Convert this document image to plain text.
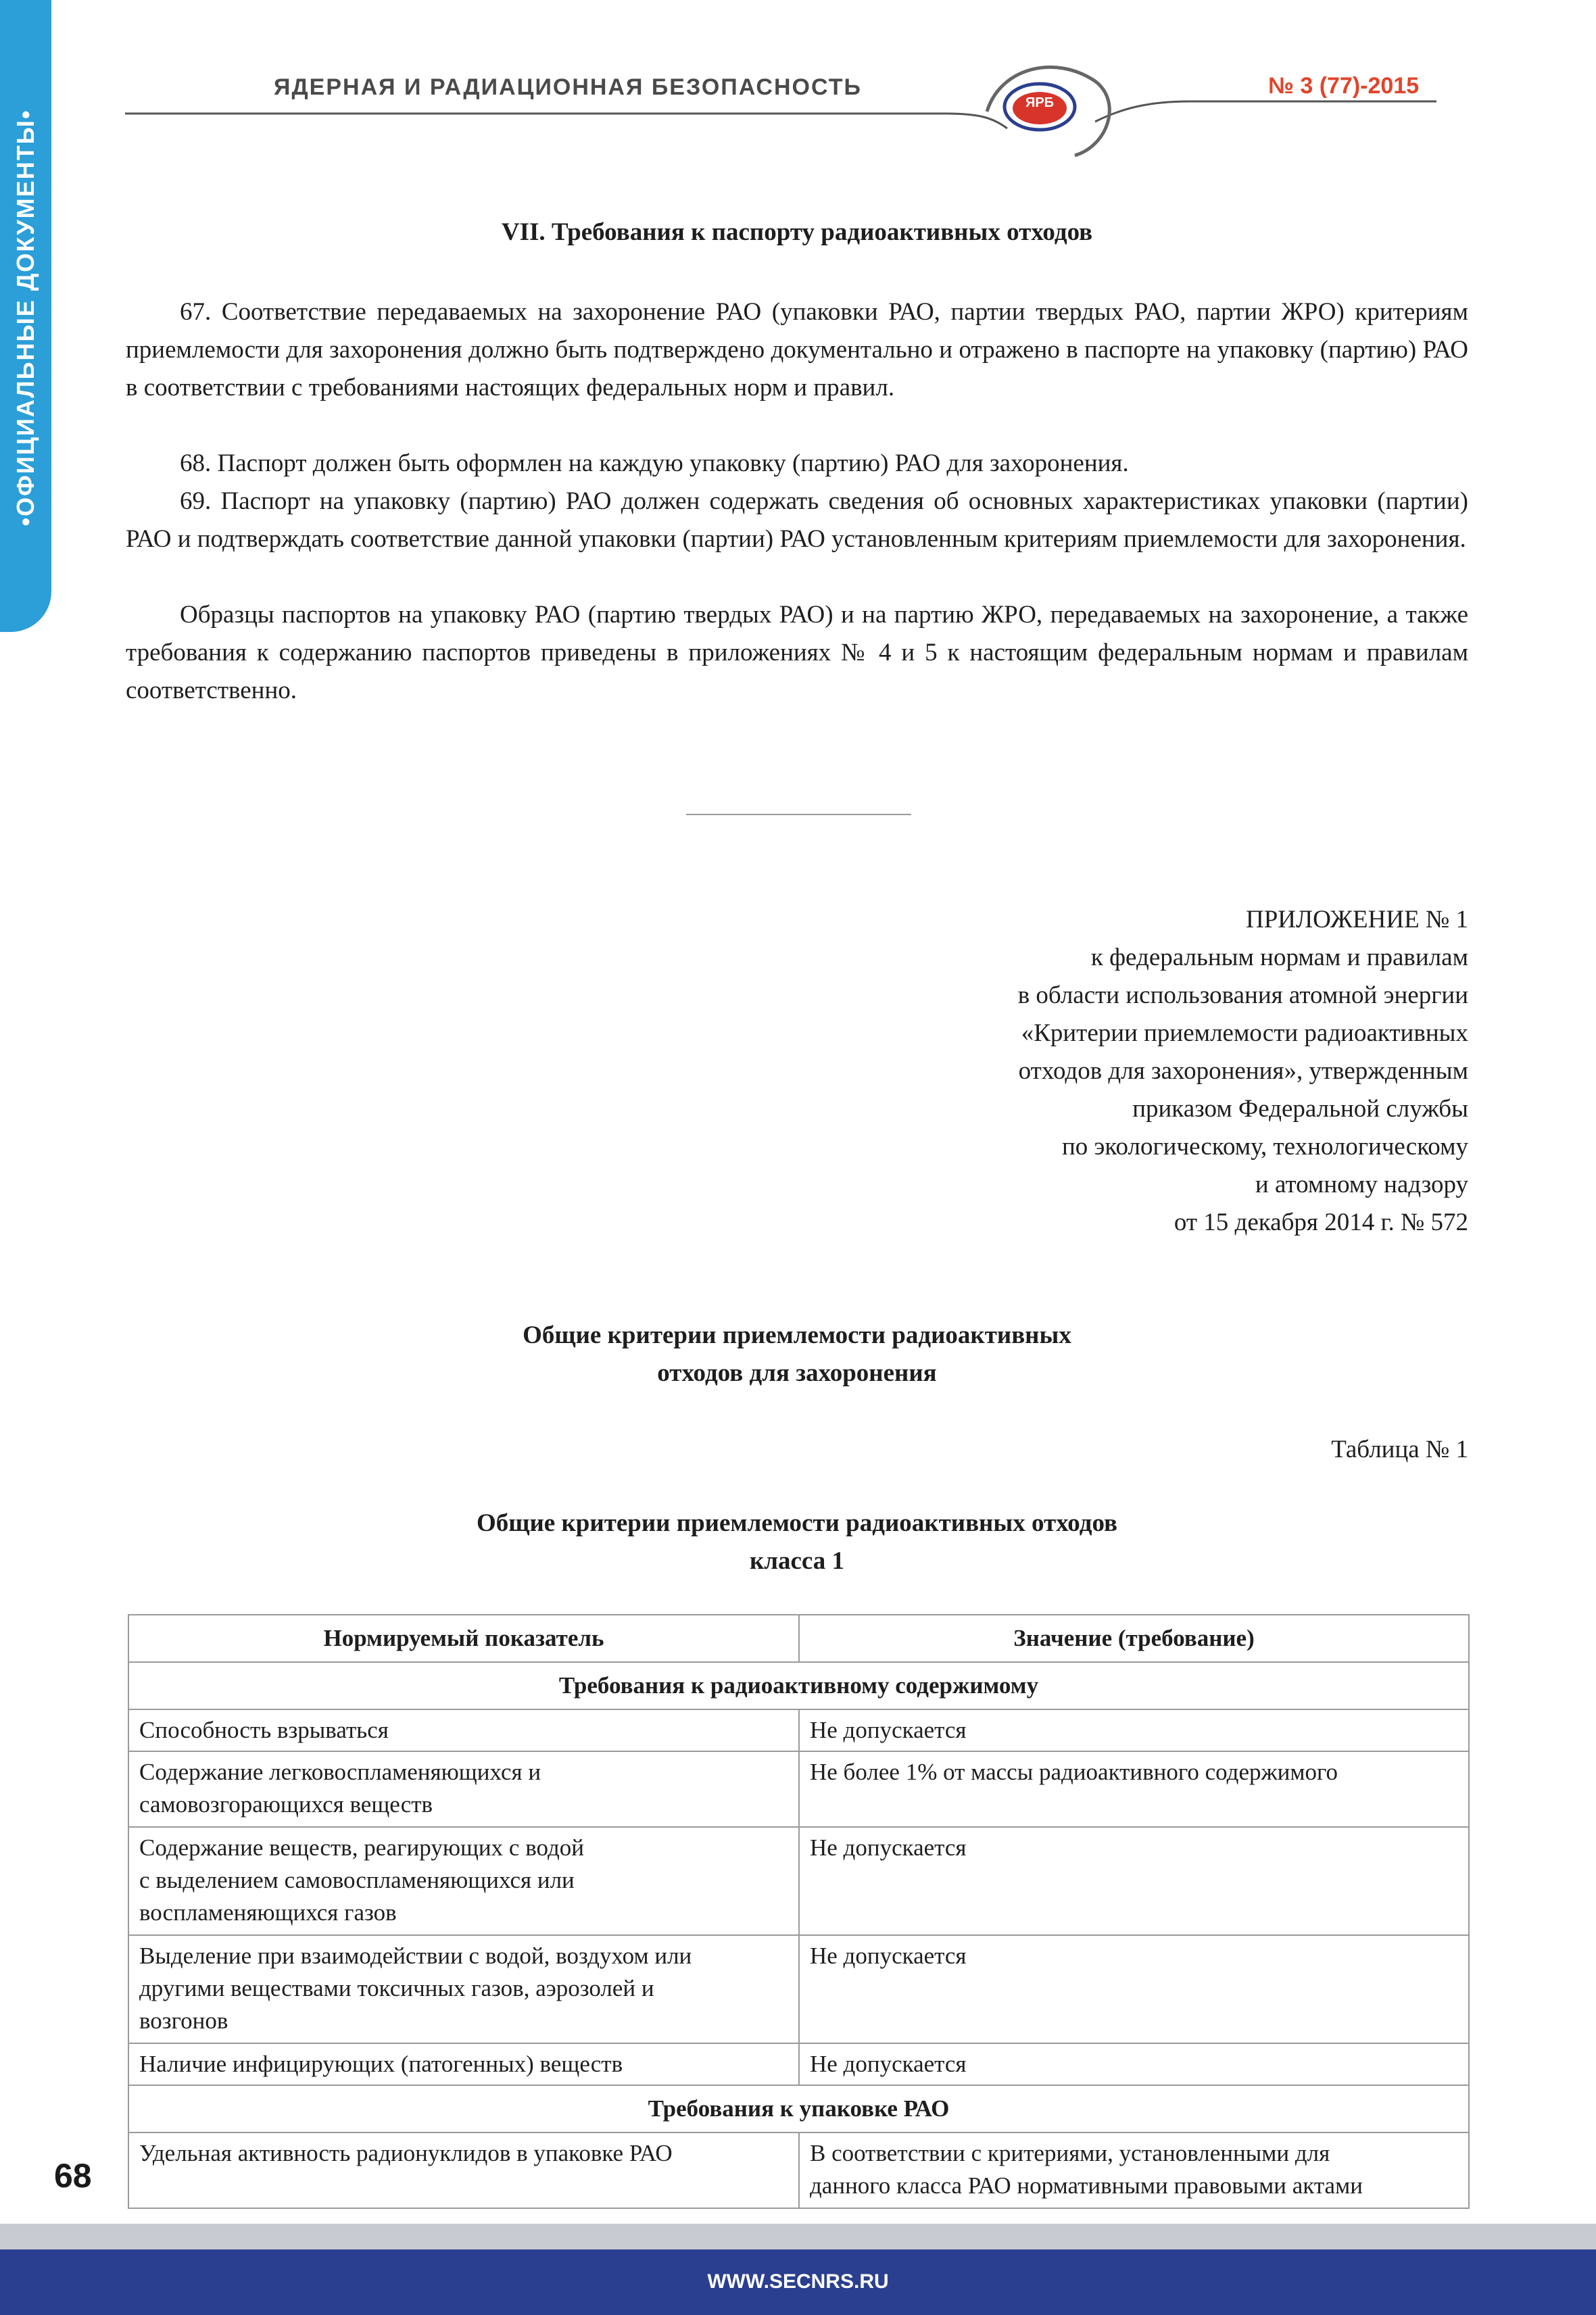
•ОФИЦИАЛЬНЫЕ ДОКУМЕНТЫ•
ЯДЕРНАЯ И РАДИАЦИОННАЯ БЕЗОПАСНОСТЬ
ЯРБ
№ 3 (77)-2015
VII. Требования к паспорту радиоактивных отходов

67. Соответствие передаваемых на захоронение РАО (упаковки РАО, партии твердых РАО, партии ЖРО) критериям приемлемости для захоронения должно быть подтверждено документально и отражено в паспорте на упаковку (партию) РАО в соответствии с требованиями настоящих федеральных норм и правил.

68. Паспорт должен быть оформлен на каждую упаковку (партию) РАО для захоронения.

69. Паспорт на упаковку (партию) РАО должен содержать сведения об основных характеристиках упаковки (партии) РАО и подтверждать соответствие данной упаковки (партии) РАО установленным критериям приемлемости для захоронения.

Образцы паспортов на упаковку РАО (партию твердых РАО) и на партию ЖРО, передаваемых на захоронение, а также требования к содержанию паспортов приведены в приложениях № 4 и 5 к настоящим федеральным нормам и правилам соответственно.

ПРИЛОЖЕНИЕ № 1
к федеральным нормам и правилам
в области использования атомной энергии
«Критерии приемлемости радиоактивных
отходов для захоронения», утвержденным
приказом Федеральной службы
по экологическому, технологическому
и атомному надзору
от 15 декабря 2014 г. № 572
Общие критерии приемлемости радиоактивных
отходов для захоронения
Таблица № 1
Общие критерии приемлемости радиоактивных отходов
класса 1
Нормируемый показатель	Значение (требование)
Требования к радиоактивному содержимому	
Способность взрываться	Не допускается
Содержание легковоспламеняющихся и
самовозгорающихся веществ	Не более 1% от массы радиоактивного содержимого
Содержание веществ, реагирующих с водой
с выделением самовоспламеняющихся или
воспламеняющихся газов	Не допускается
Выделение при взаимодействии с водой, воздухом или
другими веществами токсичных газов, аэрозолей и
возгонов	Не допускается
Наличие инфицирующих (патогенных) веществ	Не допускается
Требования к упаковке РАО	
Удельная активность радионуклидов в упаковке РАО	В соответствии с критериями, установленными для
данного класса РАО нормативными правовыми актами
68
WWW.SECNRS.RU
